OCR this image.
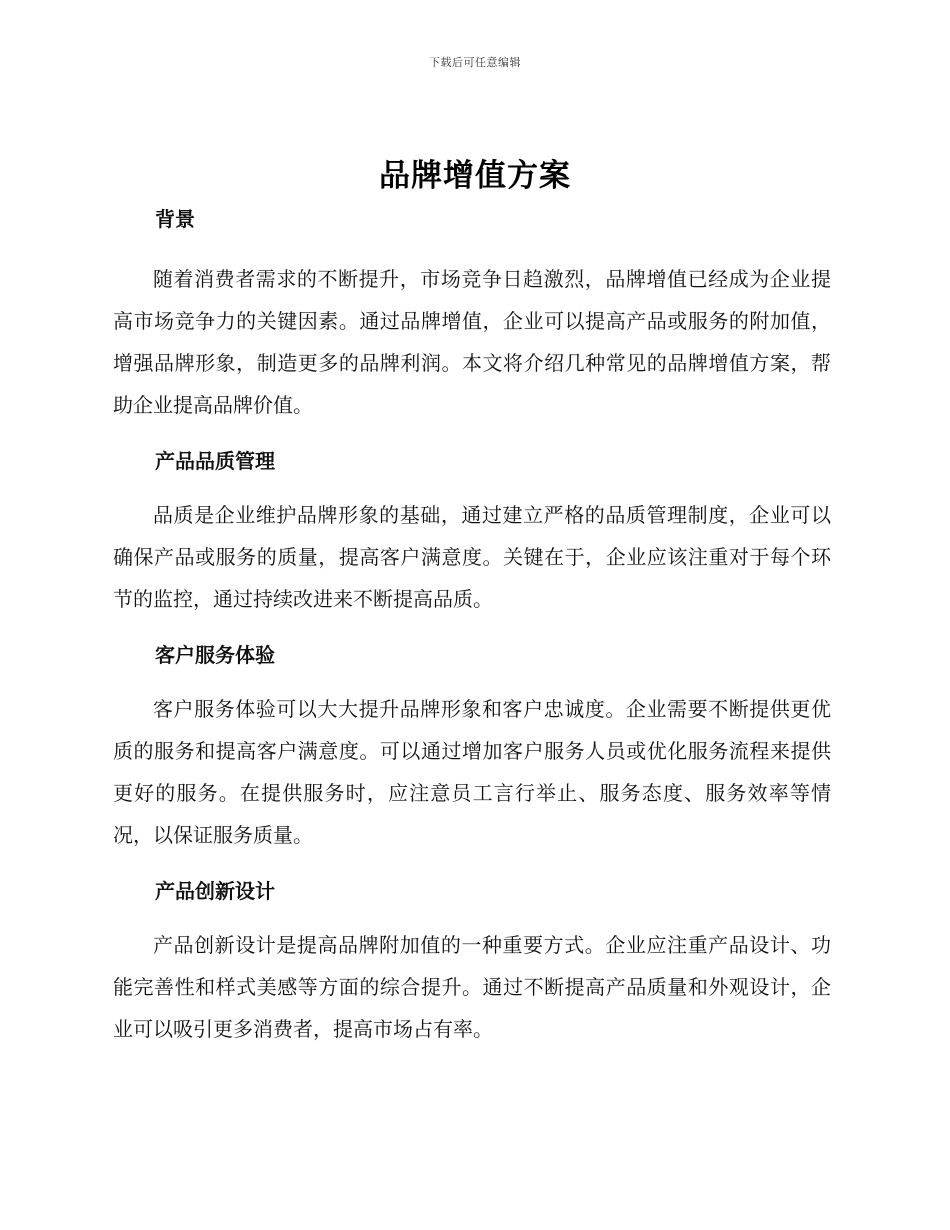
下载后可任意编辑
品牌增值方案
背景

随着消费者需求的不断提升，市场竞争日趋激烈，品牌增值已经成为企业提高市场竞争力的关键因素。通过品牌增值，企业可以提高产品或服务的附加值，增强品牌形象，制造更多的品牌利润。本文将介绍几种常见的品牌增值方案，帮助企业提高品牌价值。

产品品质管理

品质是企业维护品牌形象的基础，通过建立严格的品质管理制度，企业可以确保产品或服务的质量，提高客户满意度。关键在于，企业应该注重对于每个环节的监控，通过持续改进来不断提高品质。

客户服务体验

客户服务体验可以大大提升品牌形象和客户忠诚度。企业需要不断提供更优质的服务和提高客户满意度。可以通过增加客户服务人员或优化服务流程来提供更好的服务。在提供服务时，应注意员工言行举止、服务态度、服务效率等情况，以保证服务质量。

产品创新设计

产品创新设计是提高品牌附加值的一种重要方式。企业应注重产品设计、功能完善性和样式美感等方面的综合提升。通过不断提高产品质量和外观设计，企业可以吸引更多消费者，提高市场占有率。
